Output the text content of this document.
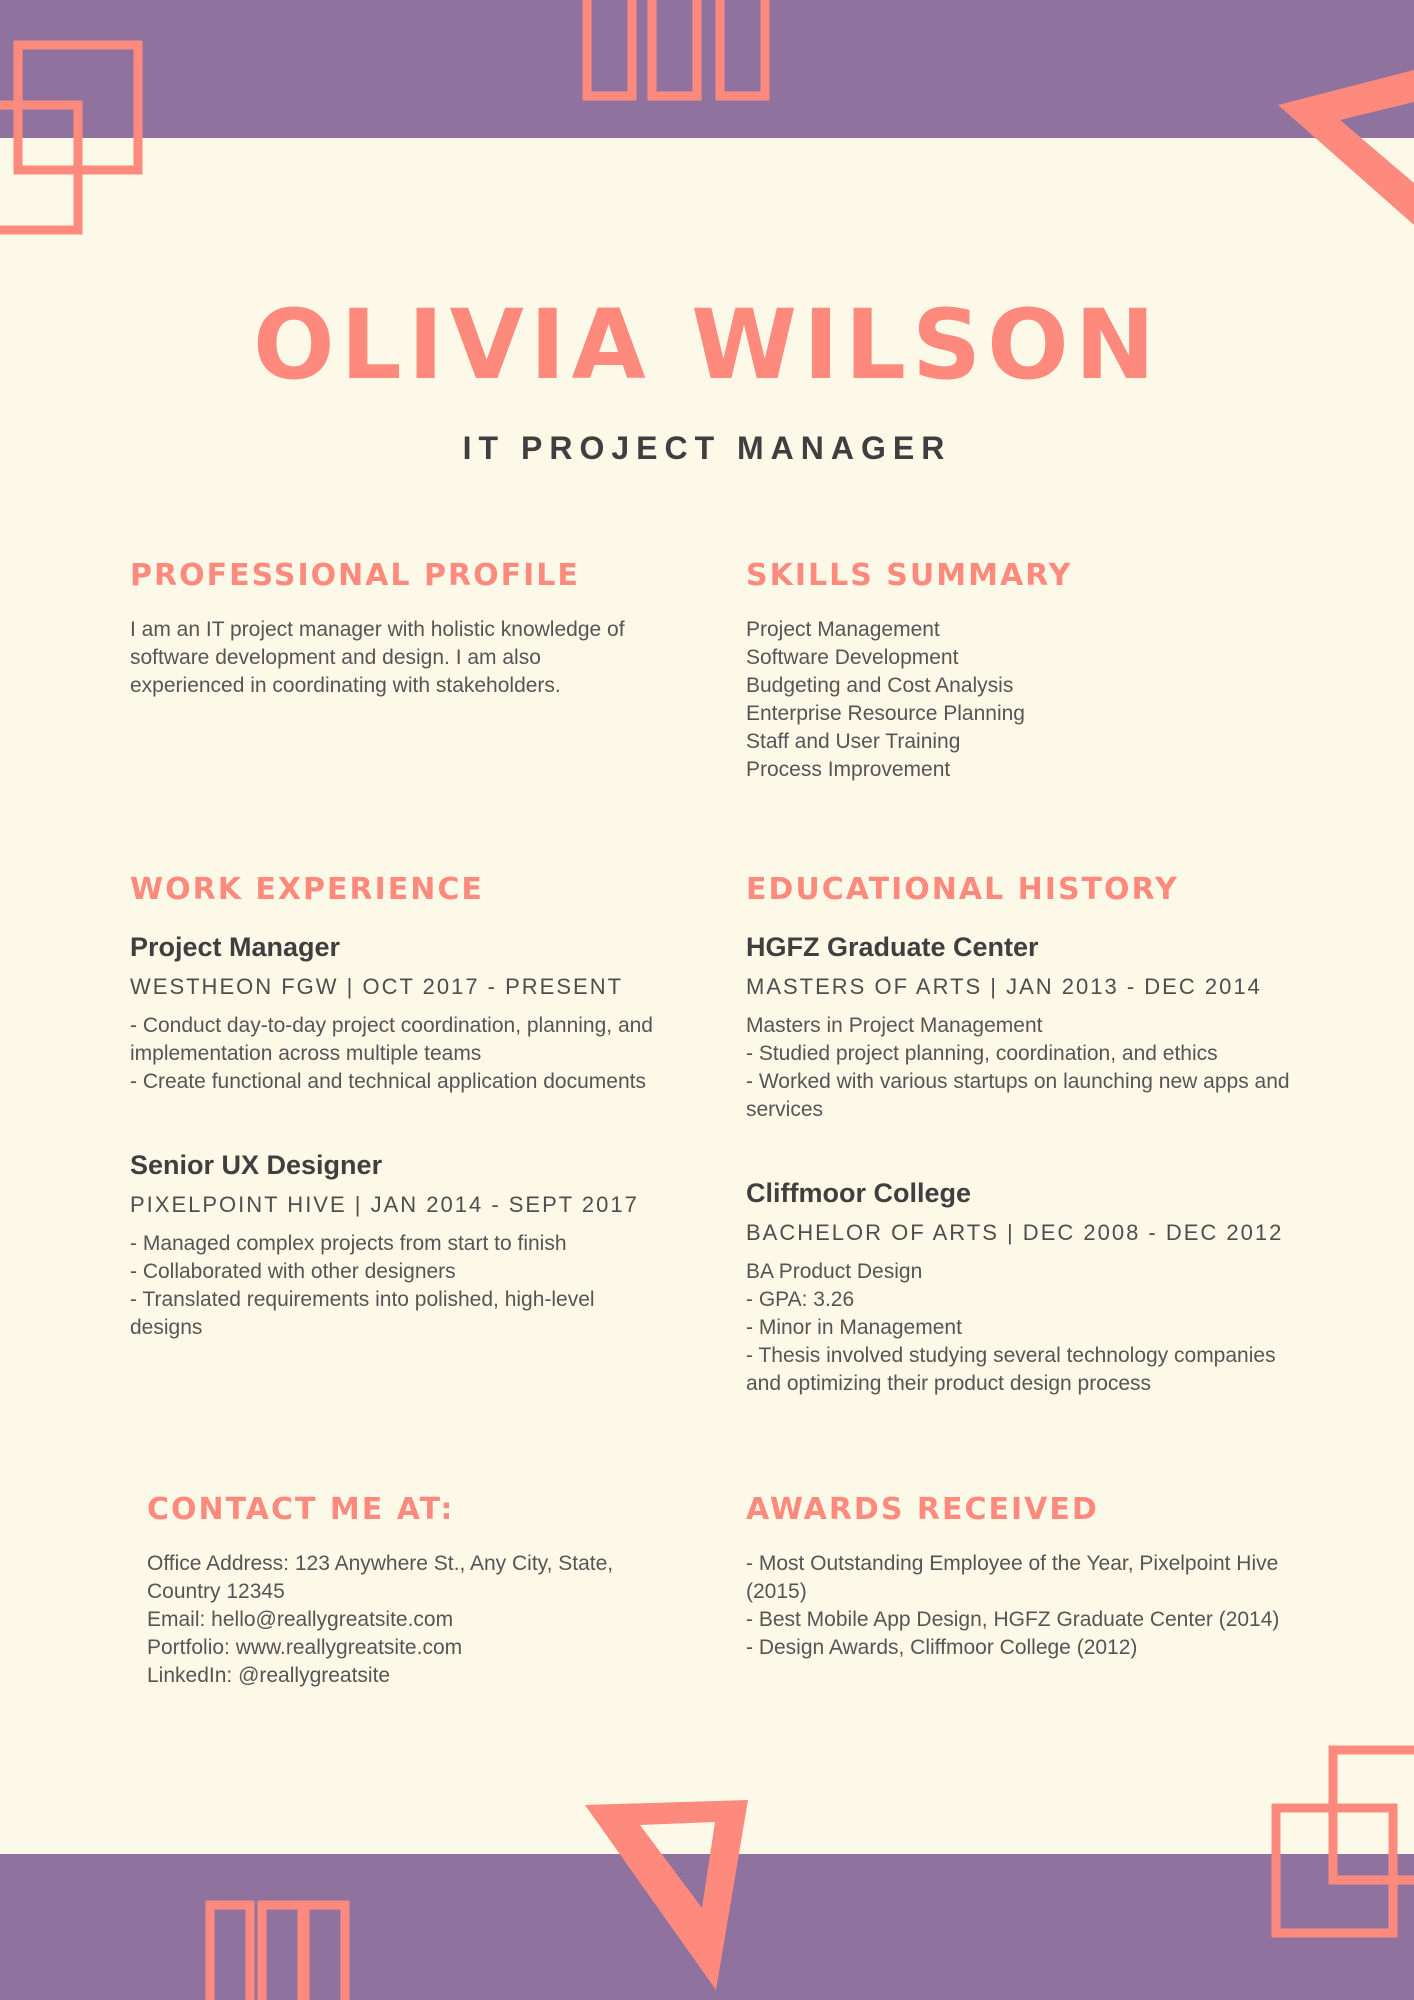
OLIVIA WILSON
IT PROJECT MANAGER
PROFESSIONAL PROFILE

I am an IT project manager with holistic knowledge of software development and design. I am also experienced in coordinating with stakeholders.

SKILLS SUMMARY
Project Management
Software Development
Budgeting and Cost Analysis
Enterprise Resource Planning
Staff and User Training
Process Improvement
WORK EXPERIENCE
Project Manager
WESTHEON FGW | OCT 2017 - PRESENT
- Conduct day-to-day project coordination, planning, and implementation across multiple teams
- Create functional and technical application documents
Senior UX Designer
PIXELPOINT HIVE | JAN 2014 - SEPT 2017
- Managed complex projects from start to finish
- Collaborated with other designers
- Translated requirements into polished, high-level designs
EDUCATIONAL HISTORY
HGFZ Graduate Center
MASTERS OF ARTS | JAN 2013 - DEC 2014
Masters in Project Management
- Studied project planning, coordination, and ethics
- Worked with various startups on launching new apps and services
Cliffmoor College
BACHELOR OF ARTS | DEC 2008 - DEC 2012
BA Product Design
- GPA: 3.26
- Minor in Management
- Thesis involved studying several technology companies and optimizing their product design process
CONTACT ME AT:
Office Address: 123 Anywhere St., Any City, State, Country 12345
Email: hello@reallygreatsite.com
Portfolio: www.reallygreatsite.com
LinkedIn: @reallygreatsite
AWARDS RECEIVED
- Most Outstanding Employee of the Year, Pixelpoint Hive (2015)
- Best Mobile App Design, HGFZ Graduate Center (2014)
- Design Awards, Cliffmoor College (2012)
